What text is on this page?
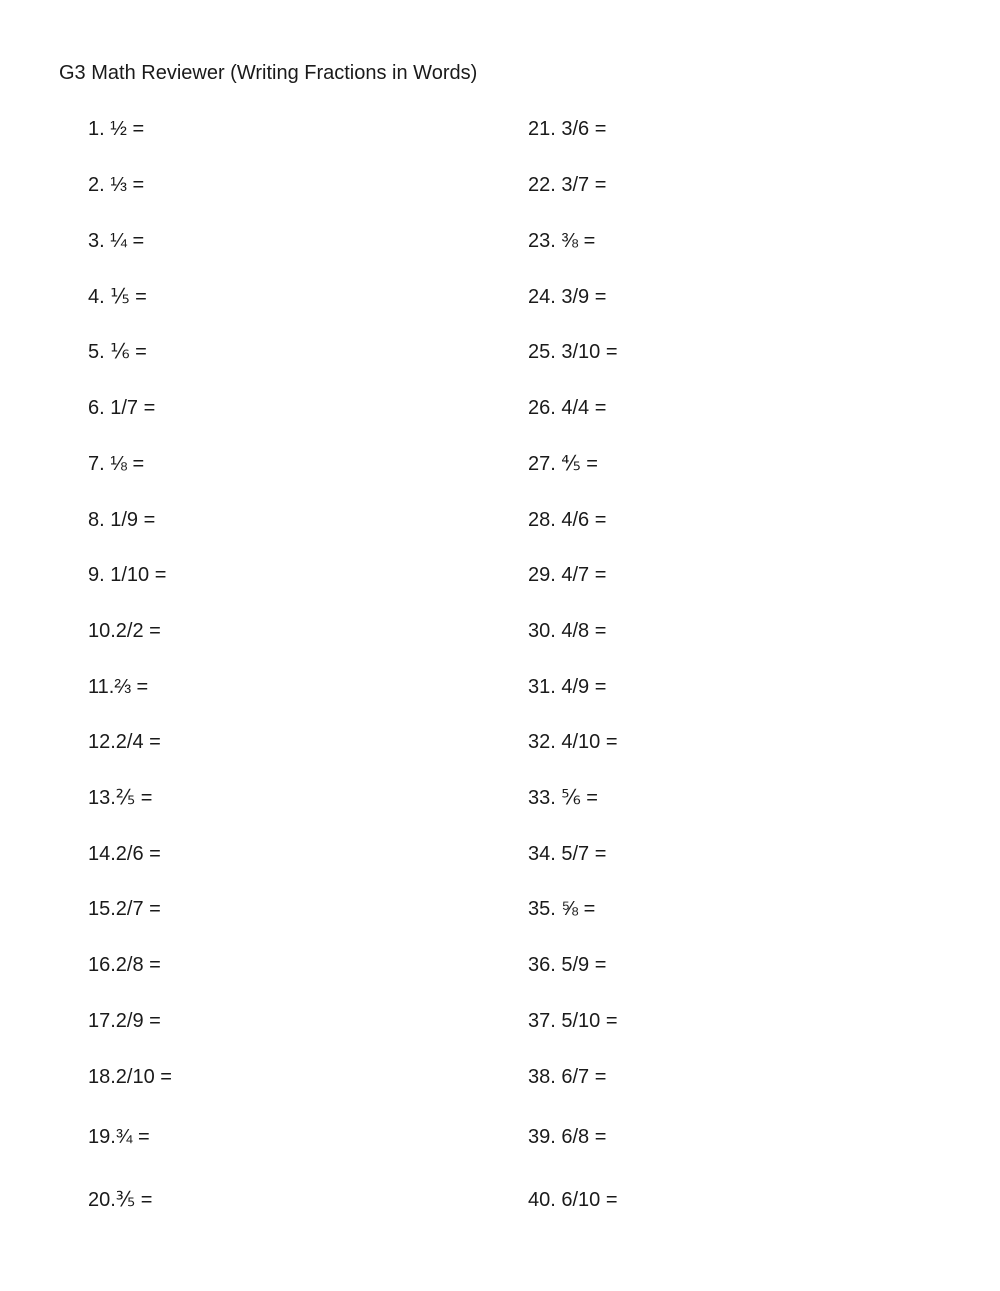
G3 Math Reviewer (Writing Fractions in Words)
1. ½ =
2. ⅓ =
3. ¼ =
4. ⅕ =
5. ⅙ =
6. 1/7 =
7. ⅛ =
8. 1/9 =
9. 1/10 =
10.2/2 =
11.⅔ =
12.2/4 =
13.⅖ =
14.2/6 =
15.2/7 =
16.2/8 =
17.2/9 =
18.2/10 =
19.¾ =
20.⅗ =
21. 3/6 =
22. 3/7 =
23. ⅜ =
24. 3/9 =
25. 3/10 =
26. 4/4 =
27. ⅘ =
28. 4/6 =
29. 4/7 =
30. 4/8 =
31. 4/9 =
32. 4/10 =
33. ⅚ =
34. 5/7 =
35. ⅝ =
36. 5/9 =
37. 5/10 =
38. 6/7 =
39. 6/8 =
40. 6/10 =
